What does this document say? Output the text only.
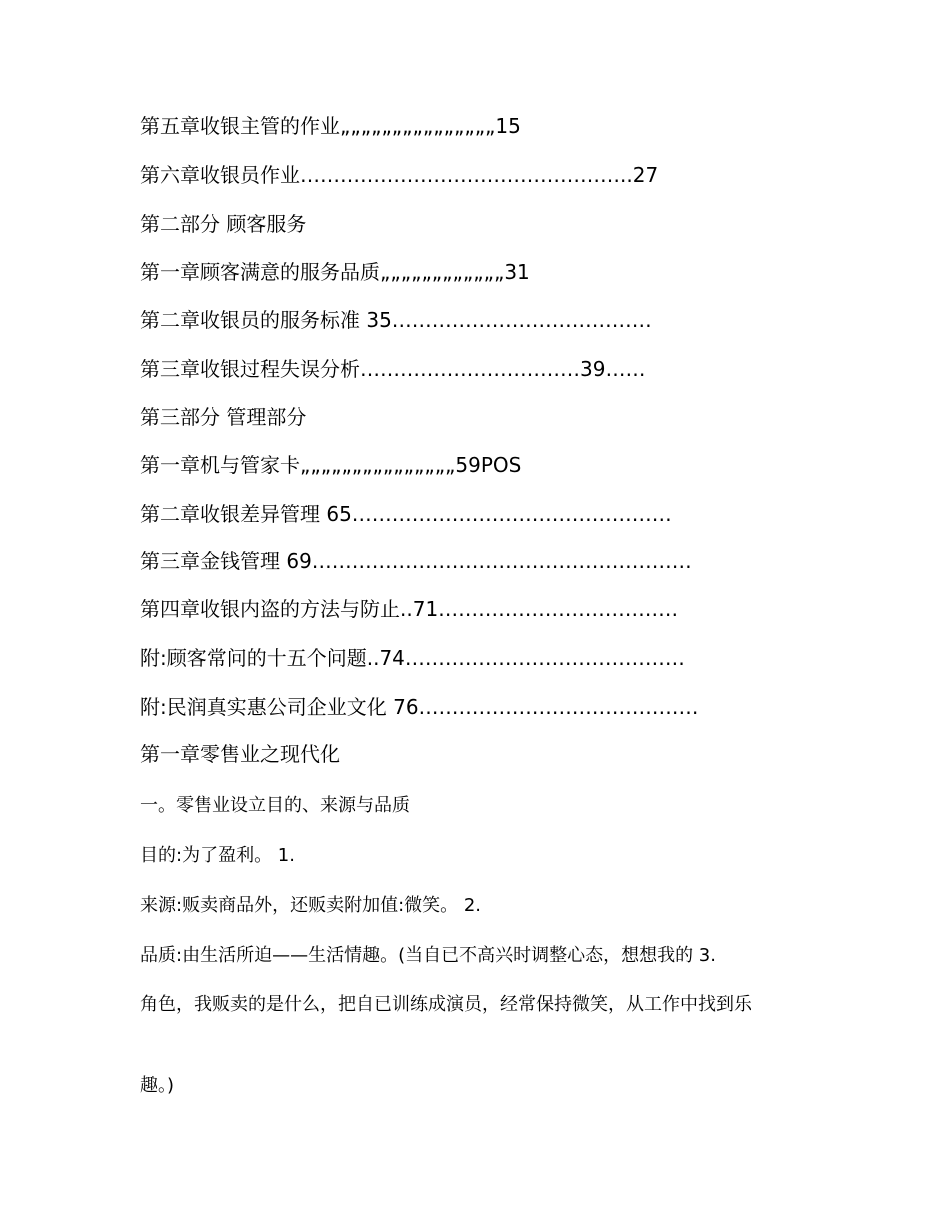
第五章收银主管的作业„„„„„„„„„„„„„„„15
第六章收银员作业…………………………………………..27
第二部分 顾客服务
第一章顾客满意的服务品质„„„„„„„„„„„„31
第二章收银员的服务标准 35…………………………………
第三章收银过程失误分析……………………………39……
第三部分 管理部分
第一章机与管家卡„„„„„„„„„„„„„„„59POS
第二章收银差异管理 65…………………………………………
第三章金钱管理 69…………………………………………………
第四章收银内盗的方法与防止..71………………………………
附:顾客常问的十五个问题..74……………………………………
附:民润真实惠公司企业文化 76……………………………………
第一章零售业之现代化
一。零售业设立目的、来源与品质
目的:为了盈利。 1.
来源:贩卖商品外，还贩卖附加值:微笑。 2.
品质:由生活所迫——生活情趣。(当自已不高兴时调整心态，想想我的 3.
角色，我贩卖的是什么，把自已训练成演员，经常保持微笑，从工作中找到乐
趣。)
